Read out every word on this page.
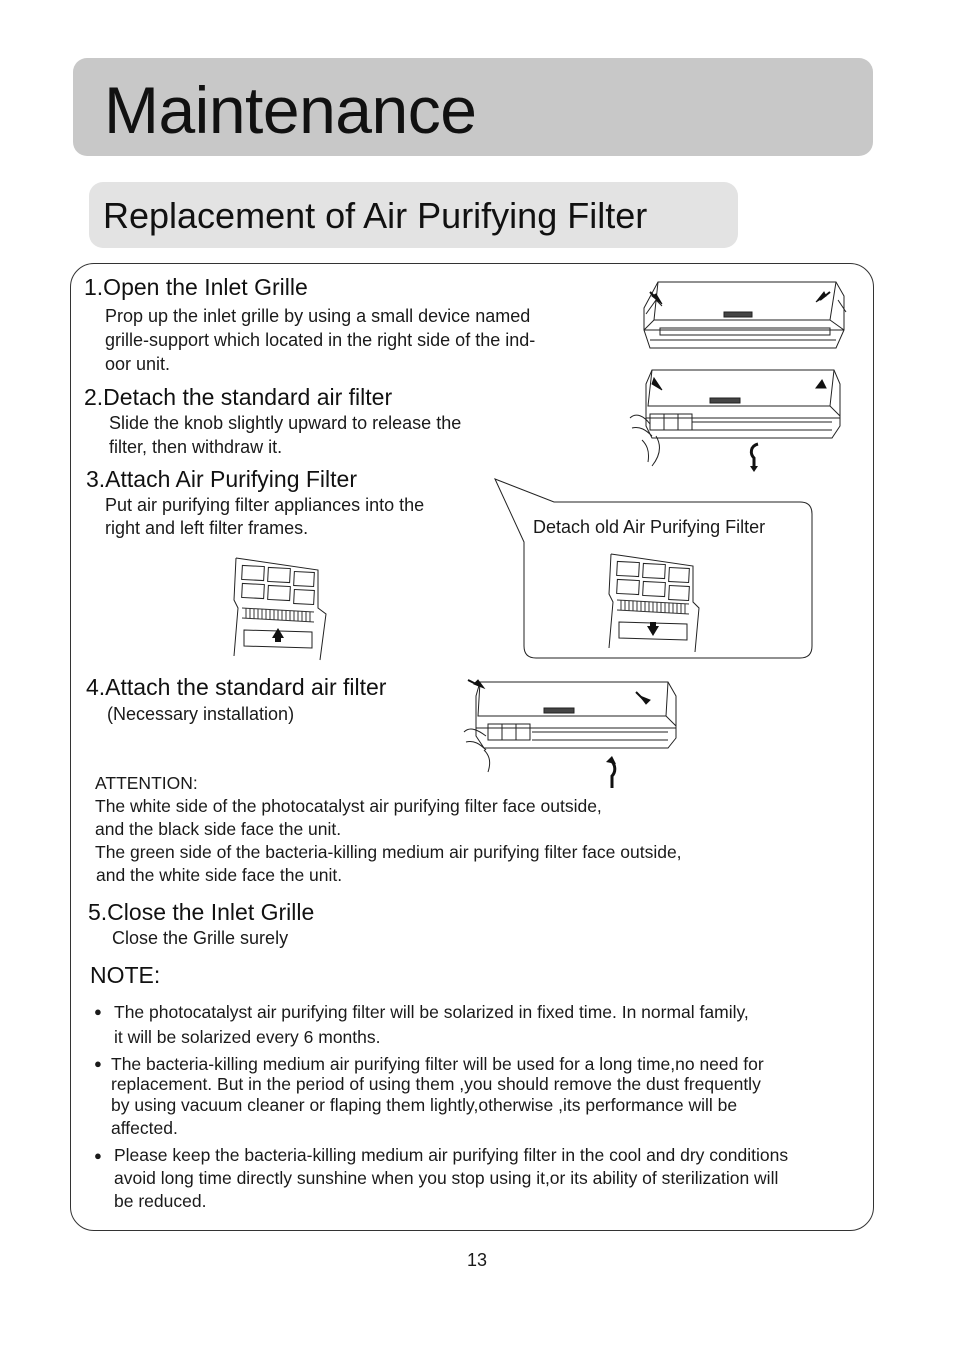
Maintenance
Replacement of Air Purifying Filter
1.Open the Inlet Grille
Prop up the inlet grille by using a small device named
grille-support which located in the right side of the ind-
oor unit.
2.Detach the standard air filter
Slide the knob slightly upward to release the
filter, then withdraw it.
3.Attach Air Purifying Filter
Put air purifying filter appliances into the
right and left filter frames.
4.Attach the standard air filter
(Necessary installation)
ATTENTION:
The white side of the photocatalyst air purifying filter face outside,
and the black side face the unit.
The green side of the bacteria-killing medium air purifying filter face outside,
and the white side face the unit.
5.Close the Inlet Grille
Close the Grille surely
NOTE:
● The photocatalyst air purifying filter will be solarized in fixed time. In normal family,
it will be solarized every 6 months.
● The bacteria-killing medium air purifying filter will be used for a long time,no need for
replacement. But in the period of using them ,you should remove the dust frequently
by using vacuum cleaner or flaping them lightly,otherwise ,its performance will be
affected.
● Please keep the bacteria-killing medium air purifying filter in the cool and dry conditions
avoid long time directly sunshine when you stop using it,or its ability of sterilization will
be reduced.
Detach old Air Purifying Filter
13
